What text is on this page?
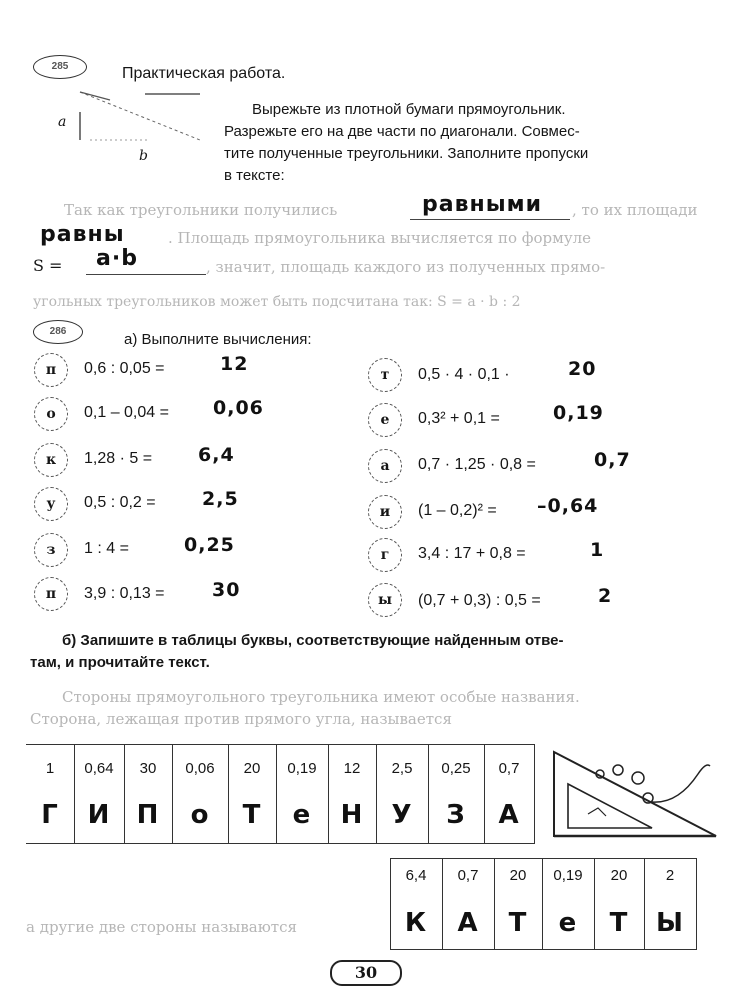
285	Практическая работа.
a
b
Вырежьте из плотной бумаги прямоугольник.
Разрежьте его на две части по диагонали. Совмес-
тите полученные треугольники. Заполните пропуски
в тексте:
Так как треугольники получились	равными , то их площади
равны	. Площадь прямоугольника вычисляется по формуле
S = a·b	, значит, площадь каждого из полученных прямо-
угольных треугольников может быть подсчитана так: S = a · b : 2
286	а) Выполните вычисления:
п	0,6 : 0,05 =	12
о	0,1 – 0,04 = 0,06
к	1,28 · 5 = 6,4
у	0,5 : 0,2 = 2,5
з	1 : 4 =	0,25
п	3,9 : 0,13 = 30
т	0,5 · 4 · 0,1 ·	20
е	0,3² + 0,1 =	0,19
а	0,7 · 1,25 · 0,8 =	0,7
и	(1 – 0,2)² = –0,64
г	3,4 : 17 + 0,8 =	1
ы	(0,7 + 0,3) : 0,5 =	2
б) Запишите в таблицы буквы, соответствующие найденным отве-
там, и прочитайте текст.
Стороны прямоугольного треугольника имеют особые названия.
Сторона, лежащая против прямого угла, называется
1	0,64	30	0,06	20	0,19	12	2,5	0,25	0,7
Г	И	П	о	Т	е	Н	У	З	А
а другие две стороны называются
6,4	0,7	20	0,19	20	2
К	А	Т	е	Т	Ы
30
